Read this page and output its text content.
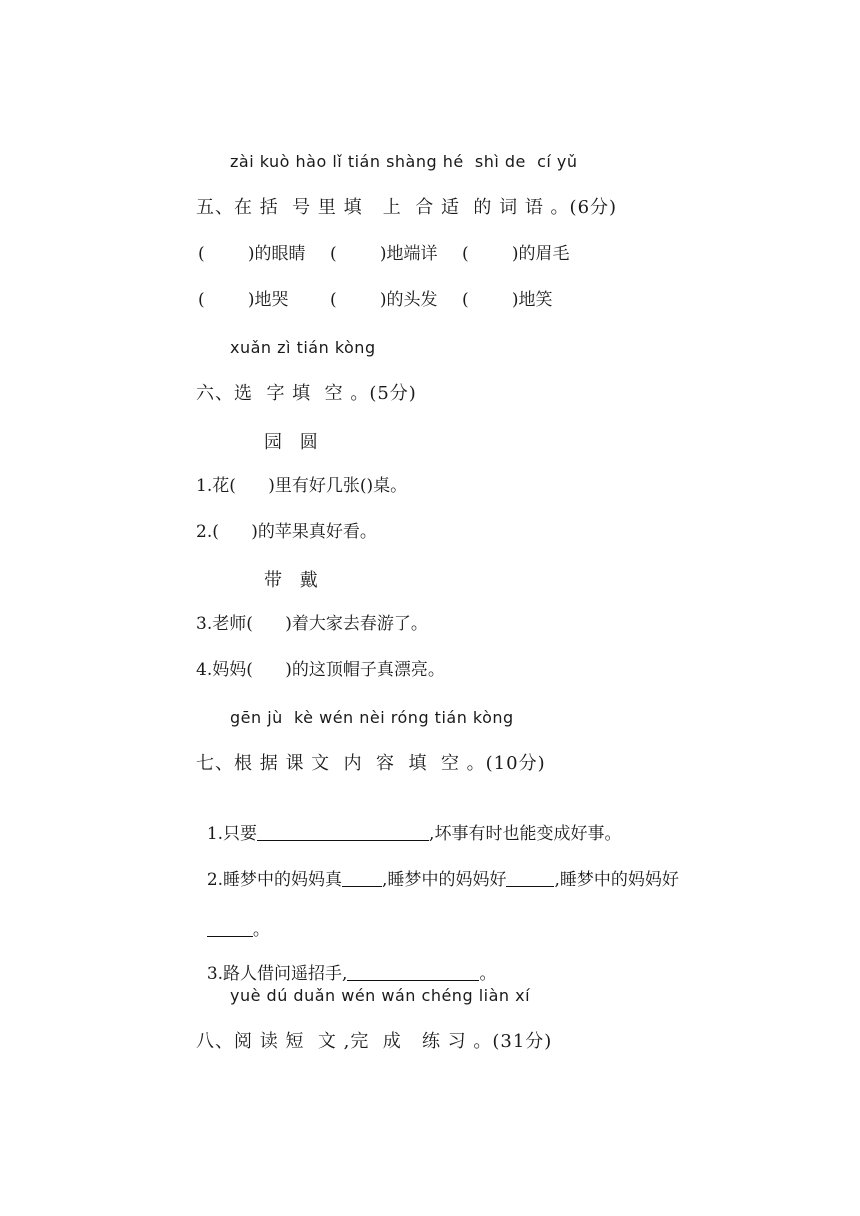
zài kuò hào lǐ tián shàng hé  shì de  cí yǔ
五、在 括  号 里 填   上  合 适  的 词 语 。(6分)
(        )的眼睛 (        )地端详 (        )的眉毛
(        )地哭 (        )的头发 (        )地笑
xuǎn zì tián kòng
六、选  字 填  空 。(5分)
园 圆
1.花(      )里有好几张()桌。
2.(      )的苹果真好看。
带 戴
3.老师(      )着大家去春游了。
4.妈妈(      )的这顶帽子真漂亮。
gēn jù  kè wén nèi róng tián kòng
七、根 据 课 文  内  容  填  空 。(10分)

1.只要	,坏事有时也能变成好事。

2.睡梦中的妈妈真 ,睡梦中的妈妈好	,睡梦中的妈妈好

。

3.路人借问遥招手,	。

yuè dú duǎn wén wán chéng liàn xí
八、阅 读 短  文 ,完  成   练 习 。(31分)
